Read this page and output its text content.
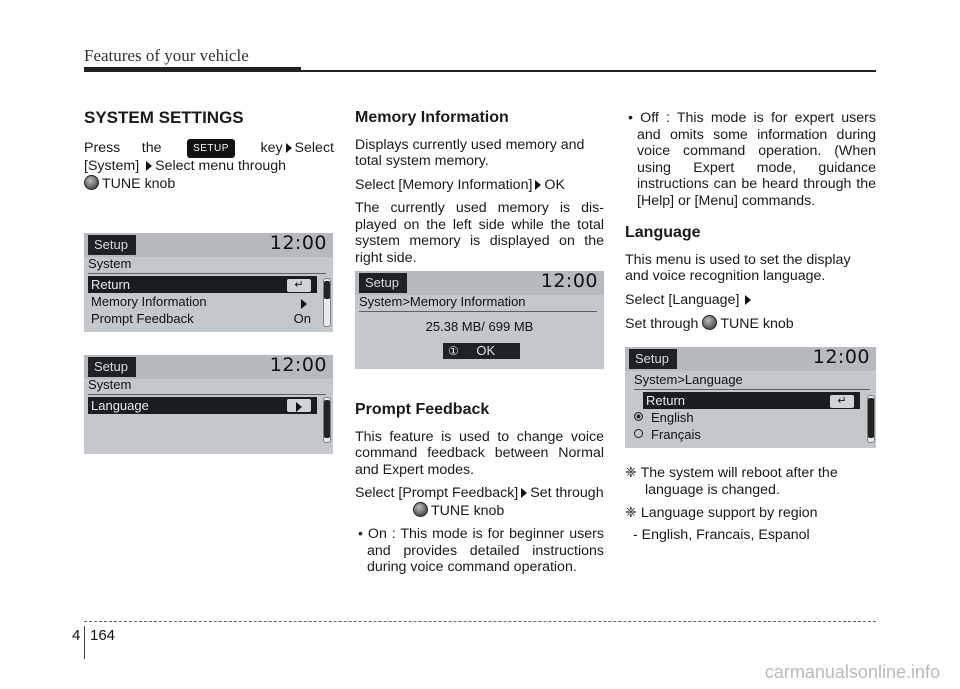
Features of your vehicle
SYSTEM SETTINGS

Press the	SETUP key Select [System] Select menu through
TUNE knob

Setup	12:00
System
Return	↵
Memory Information
Prompt Feedback	On
Setup	12:00
System
Language
Memory Information

Displays currently used memory and total system memory.

Select [Memory Information] OK

The currently used memory is dis-played on the left side while the total system memory is displayed on the right side.

Setup	12:00
System>Memory Information
25.38 MB/ 699 MB
① OK
Prompt Feedback

This feature is used to change voice command feedback between Normal and Expert modes.

Select [Prompt Feedback] Set through
TUNE knob

• On : This mode is for beginner users and provides detailed instructions during voice command operation.

• Off : This mode is for expert users and omits some information during voice command operation. (When using Expert mode, guidance instructions can be heard through the [Help] or [Menu] commands.

Language

This menu is used to set the display and voice recognition language.

Select [Language]

Set through TUNE knob

Setup	12:00
System>Language
Return	↵
English
Français

❈ The system will reboot after the language is changed.

❈ Language support by region

- English, Francais, Espanol

4 164
carmanualsonline.info
